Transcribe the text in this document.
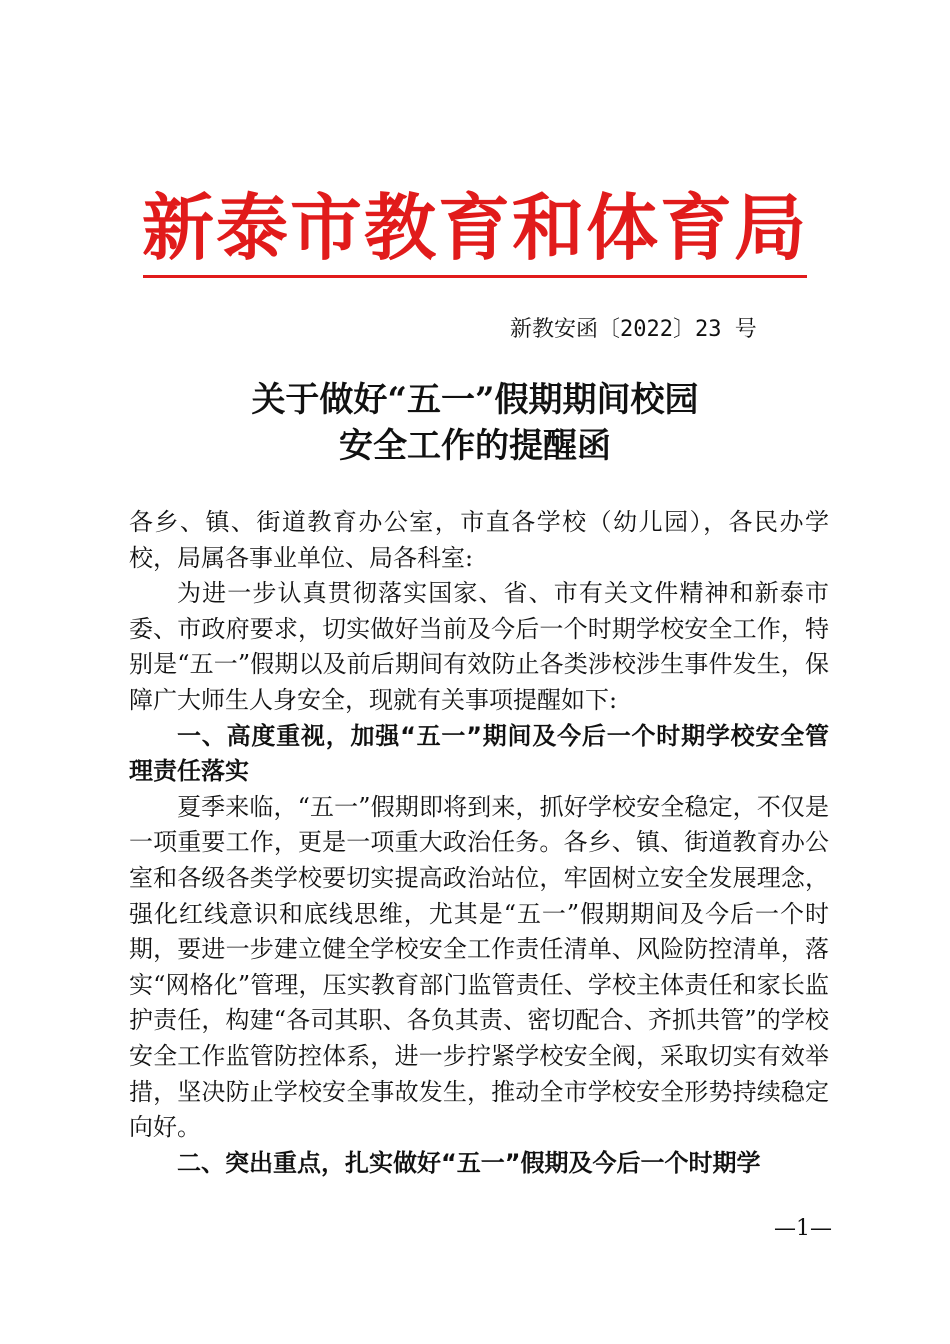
新泰市教育和体育局
新教安函〔2022〕23 号
关于做好“五一”假期期间校园
安全工作的提醒函

各乡、镇、街道教育办公室，市直各学校（幼儿园），各民办学校，局属各事业单位、局各科室:

为进一步认真贯彻落实国家、省、市有关文件精神和新泰市委、市政府要求，切实做好当前及今后一个时期学校安全工作，特别是“五一”假期以及前后期间有效防止各类涉校涉生事件发生，保障广大师生人身安全，现就有关事项提醒如下:

一、高度重视，加强“五一”期间及今后一个时期学校安全管理责任落实

夏季来临，“五一”假期即将到来，抓好学校安全稳定，不仅是一项重要工作，更是一项重大政治任务。各乡、镇、街道教育办公室和各级各类学校要切实提高政治站位，牢固树立安全发展理念，强化红线意识和底线思维，尤其是“五一”假期期间及今后一个时期，要进一步建立健全学校安全工作责任清单、风险防控清单，落实“网格化”管理，压实教育部门监管责任、学校主体责任和家长监护责任，构建“各司其职、各负其责、密切配合、齐抓共管”的学校安全工作监管防控体系，进一步拧紧学校安全阀，采取切实有效举措，坚决防止学校安全事故发生，推动全市学校安全形势持续稳定向好。

二、突出重点，扎实做好“五一”假期及今后一个时期学

—1—
